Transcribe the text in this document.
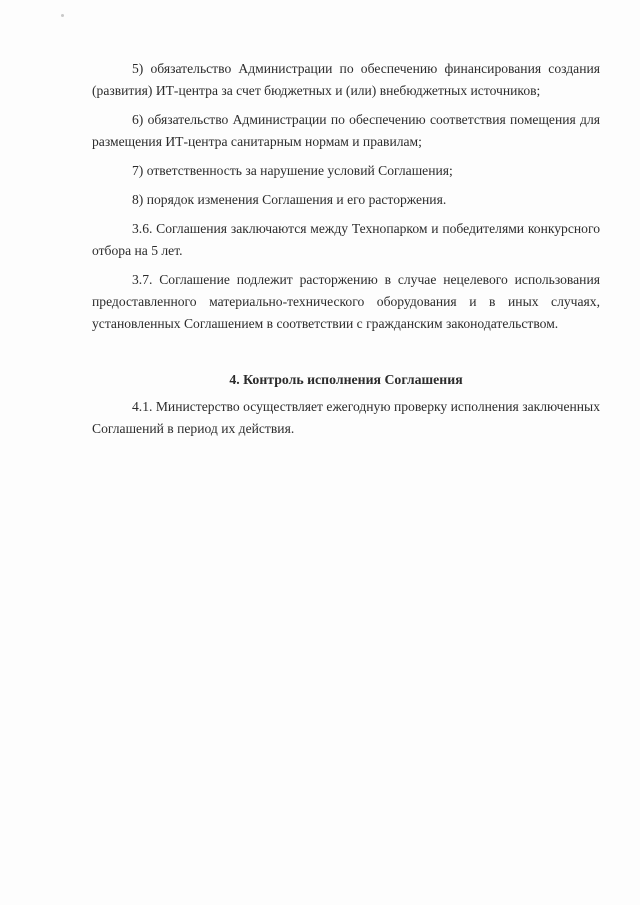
5) обязательство Администрации по обеспечению финансирования создания (развития) ИТ-центра за счет бюджетных и (или) внебюджетных источников;

6) обязательство Администрации по обеспечению соответствия помещения для размещения ИТ-центра санитарным нормам и правилам;

7) ответственность за нарушение условий Соглашения;

8) порядок изменения Соглашения и его расторжения.

3.6. Соглашения заключаются между Технопарком и победителями конкурсного отбора на 5 лет.

3.7. Соглашение подлежит расторжению в случае нецелевого использования предоставленного материально-технического оборудования и в иных случаях, установленных Соглашением в соответствии с гражданским законодательством.

4. Контроль исполнения Соглашения

4.1. Министерство осуществляет ежегодную проверку исполнения заключенных Соглашений в период их действия.
